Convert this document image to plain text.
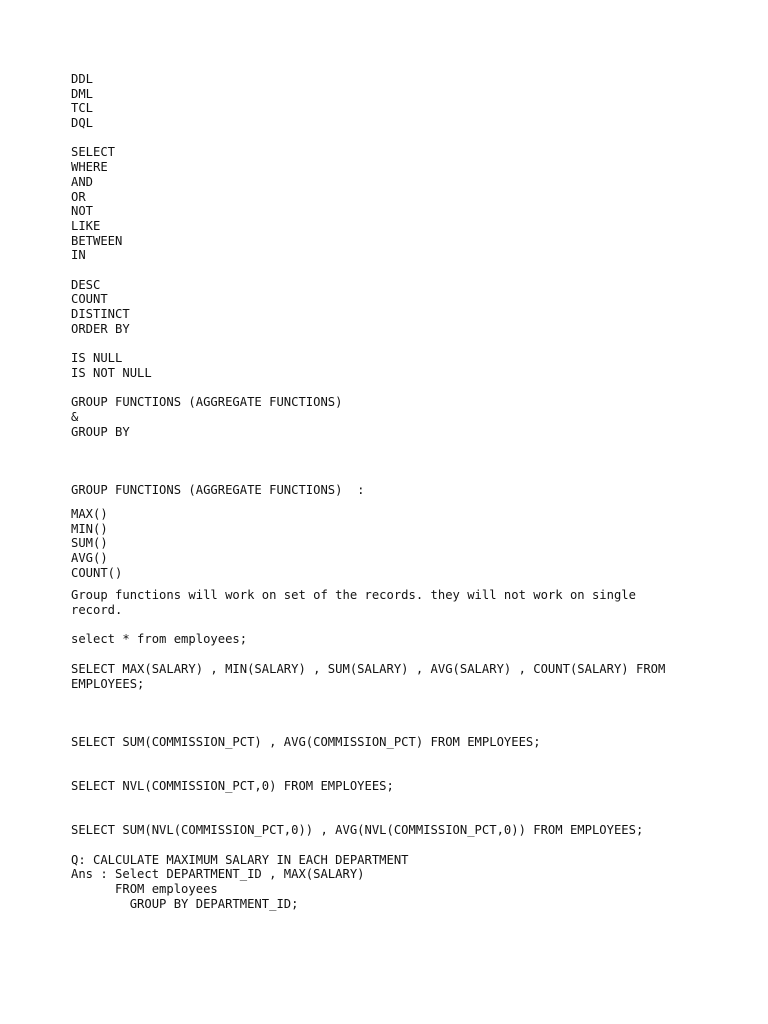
DDL
DML
TCL
DQL
SELECT
WHERE
AND
OR
NOT
LIKE
BETWEEN
IN
DESC
COUNT
DISTINCT
ORDER BY
IS NULL
IS NOT NULL
GROUP FUNCTIONS (AGGREGATE FUNCTIONS)
&
GROUP BY
GROUP FUNCTIONS (AGGREGATE FUNCTIONS)  :
MAX()
MIN()
SUM()
AVG()
COUNT()
Group functions will work on set of the records. they will not work on single
record.
select * from employees;
SELECT MAX(SALARY) , MIN(SALARY) , SUM(SALARY) , AVG(SALARY) , COUNT(SALARY) FROM
EMPLOYEES;
SELECT SUM(COMMISSION_PCT) , AVG(COMMISSION_PCT) FROM EMPLOYEES;
SELECT NVL(COMMISSION_PCT,0) FROM EMPLOYEES;
SELECT SUM(NVL(COMMISSION_PCT,0)) , AVG(NVL(COMMISSION_PCT,0)) FROM EMPLOYEES;
Q: CALCULATE MAXIMUM SALARY IN EACH DEPARTMENT
Ans : Select DEPARTMENT_ID , MAX(SALARY)
FROM employees
GROUP BY DEPARTMENT_ID;
